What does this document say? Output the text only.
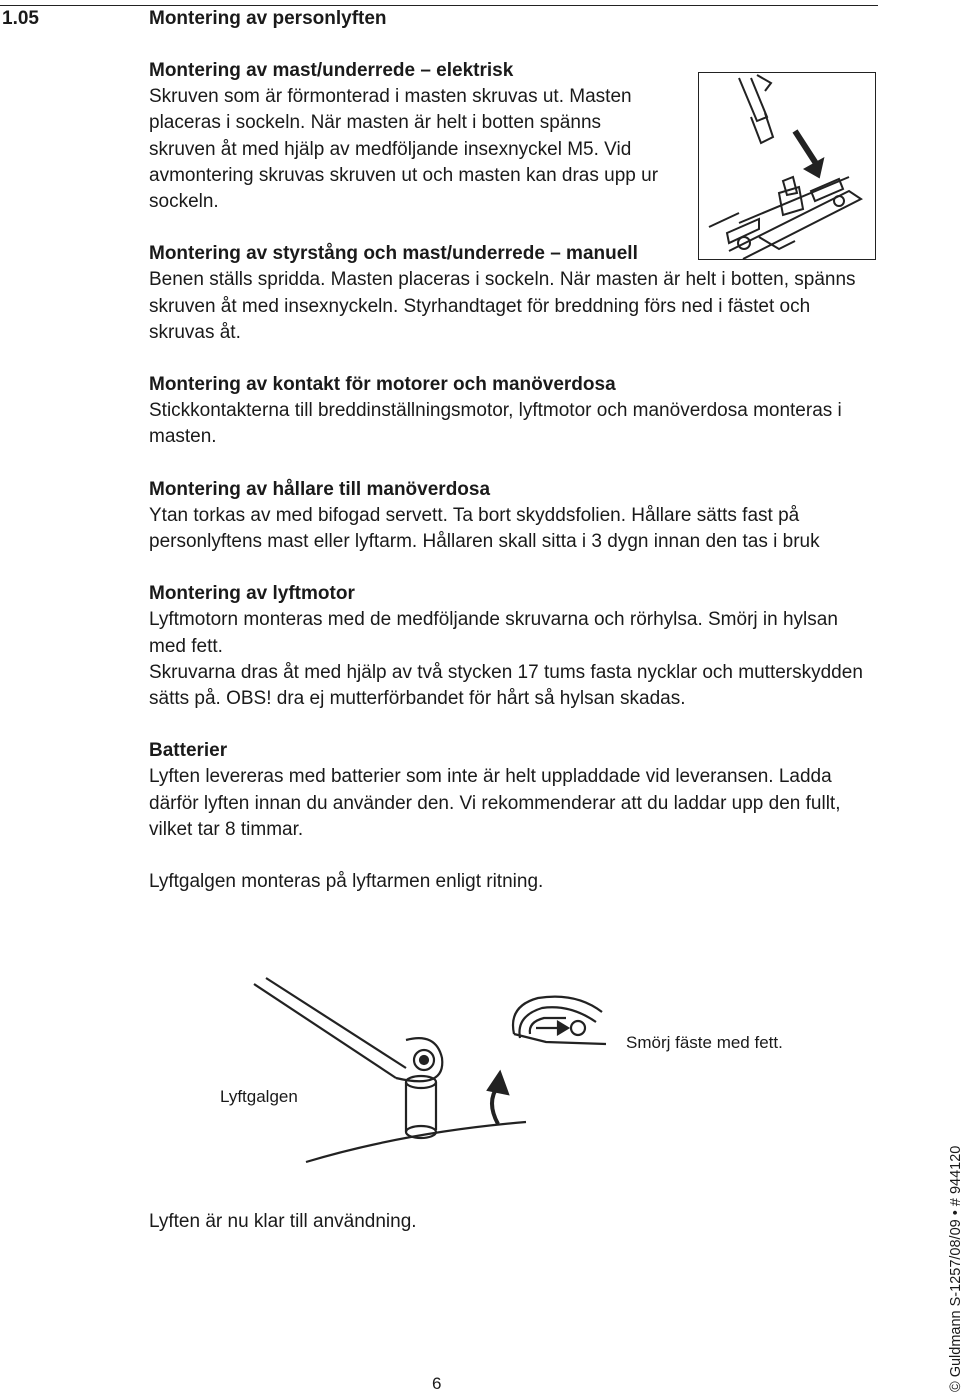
1.05	Montering av personlyften
Montering av mast/underrede – elektrisk

Skruven som är förmonterad i masten skruvas ut. Masten placeras i sockeln. När masten är helt i botten spänns skruven åt med hjälp av medföljande insexnyckel M5. Vid avmontering skruvas skruven ut och masten kan dras upp ur sockeln.

Montering av styrstång och mast/underrede – manuell

Benen ställs spridda. Masten placeras i sockeln. När masten är helt i botten, spänns skruven åt med insexnyckeln. Styrhandtaget för breddning förs ned i fästet och skruvas åt.

Montering av kontakt för motorer och manöverdosa

Stickkontakterna till breddinställningsmotor, lyftmotor och manöverdosa monteras i masten.

Montering av hållare till manöverdosa

Ytan torkas av med bifogad servett. Ta bort skyddsfolien. Hållare sätts fast på personlyftens mast eller lyftarm. Hållaren skall sitta i 3 dygn innan den tas i bruk

Montering av lyftmotor

Lyftmotorn monteras med de medföljande skruvarna och rörhylsa. Smörj in hylsan med fett.

Skruvarna dras åt med hjälp av två stycken 17 tums fasta nycklar och mutterskydden sätts på. OBS! dra ej mutterförbandet för hårt så hylsan skadas.

Batterier

Lyften levereras med batterier som inte är helt uppladdade vid leveransen. Ladda därför lyften innan du använder den. Vi rekommenderar att du laddar upp den fullt, vilket tar 8 timmar.

Lyftgalgen monteras på lyftarmen enligt ritning.

Smörj fäste med fett.
Lyftgalgen
Lyften är nu klar till användning.
6	© Guldmann S-1257/08/09 • # 944120
